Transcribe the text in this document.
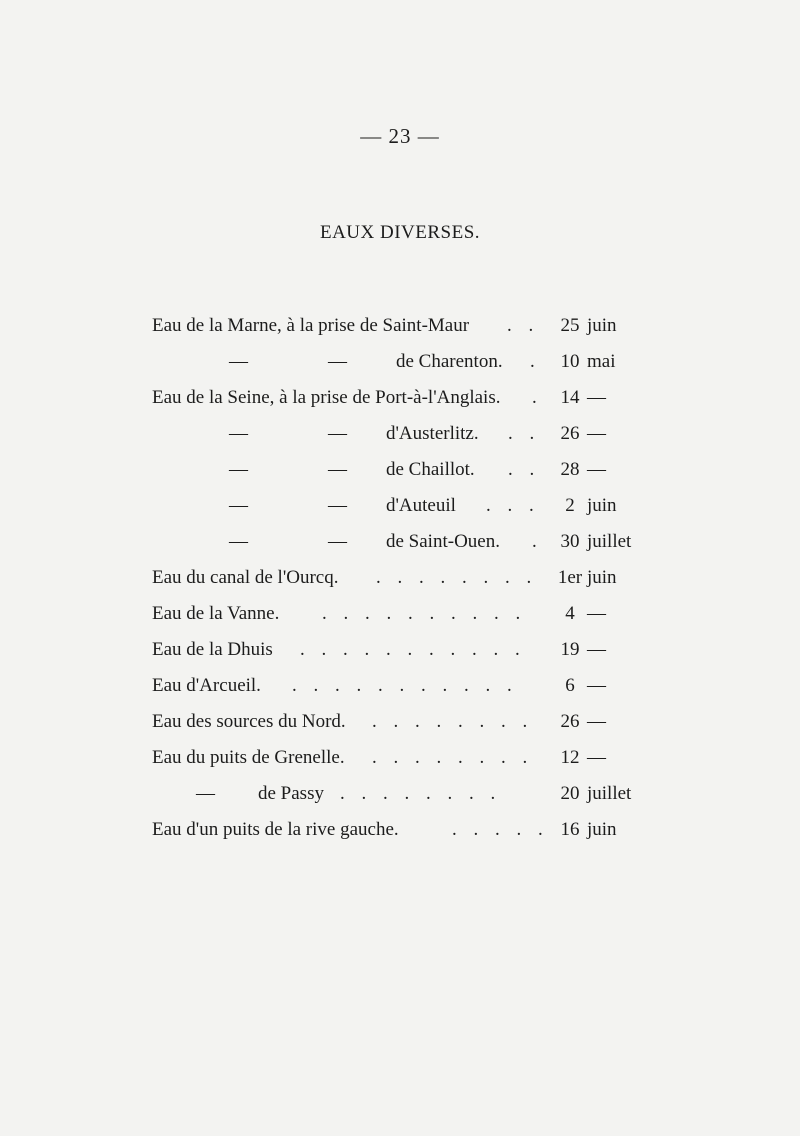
— 23 —
EAUX DIVERSES.
Eau de la Marne, à la prise de Saint-Maur . .	25 juin
—	—	de Charenton. .	10 mai
Eau de la Seine, à la prise de Port-à-l'Anglais. . 14 —
—	— d'Austerlitz. . .	26 —
—	— de Chaillot. . .	28 —
—	— d'Auteuil . . .	2 juin
—	— de Saint-Ouen. . 30 juillet
Eau du canal de l'Ourcq. . . . . . . . .	1er juin
Eau de la Vanne. . . . . . . . . . .	4 —
Eau de la Dhuis . . . . . . . . . . .	19 —
Eau d'Arcueil. . . . . . . . . . . .	6 —
Eau des sources du Nord. . . . . . . . .	26 —
Eau du puits de Grenelle. . . . . . . . .	12 —
— de Passy . . . . . . . .	20 juillet
Eau d'un puits de la rive gauche.	. . . . . 16 juin
